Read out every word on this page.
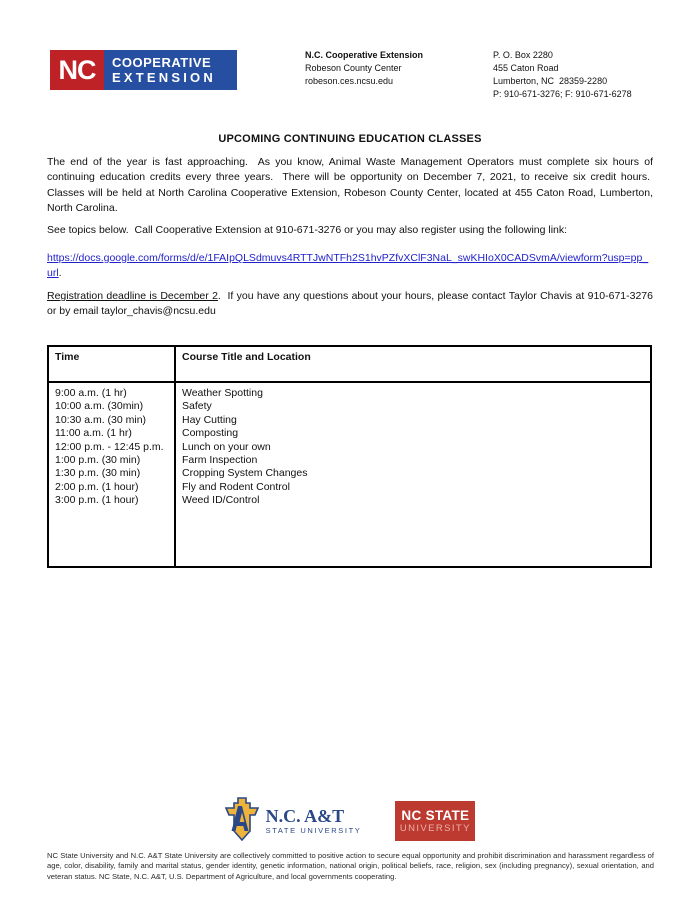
NC	COOPERATIVE
EXTENSION
N.C. Cooperative Extension
Robeson County Center
robeson.ces.ncsu.edu
P. O. Box 2280
455 Caton Road
Lumberton, NC  28359-2280
P: 910-671-3276; F: 910-671-6278
UPCOMING CONTINUING EDUCATION CLASSES

The end of the year is fast approaching.  As you know, Animal Waste Management Operators must complete six hours of continuing education credits every three years.  There will be opportunity on December 7, 2021, to receive six credit hours.  Classes will be held at North Carolina Cooperative Extension, Robeson County Center, located at 455 Caton Road, Lumberton, North Carolina.

See topics below.  Call Cooperative Extension at 910-671-3276 or you may also register using the following link:

https://docs.google.com/forms/d/e/1FAIpQLSdmuvs4RTTJwNTFh2S1hvPZfvXClF3NaL_swKHIoX0CADSvmA/viewform?usp=pp_url.

Registration deadline is December 2.  If you have any questions about your hours, please contact Taylor Chavis at 910-671-3276 or by email taylor_chavis@ncsu.edu

Time	Course Title and Location
9:00 a.m. (1 hr)
10:00 a.m. (30min)
10:30 a.m. (30 min)
11:00 a.m. (1 hr)
12:00 p.m. - 12:45 p.m.
1:00 p.m. (30 min)
1:30 p.m. (30 min)
2:00 p.m. (1 hour)
3:00 p.m. (1 hour)
Weather Spotting
Safety
Hay Cutting
Composting
Lunch on your own
Farm Inspection
Cropping System Changes
Fly and Rodent Control
Weed ID/Control
N.C. A&T
STATE UNIVERSITY
NC STATE
UNIVERSITY

NC State University and N.C. A&T State University are collectively committed to positive action to secure equal opportunity and prohibit discrimination and harassment regardless of age, color, disability, family and marital status, gender identity, genetic information, national origin, political beliefs, race, religion, sex (including pregnancy), sexual orientation, and veteran status. NC State, N.C. A&T, U.S. Department of Agriculture, and local governments cooperating.
